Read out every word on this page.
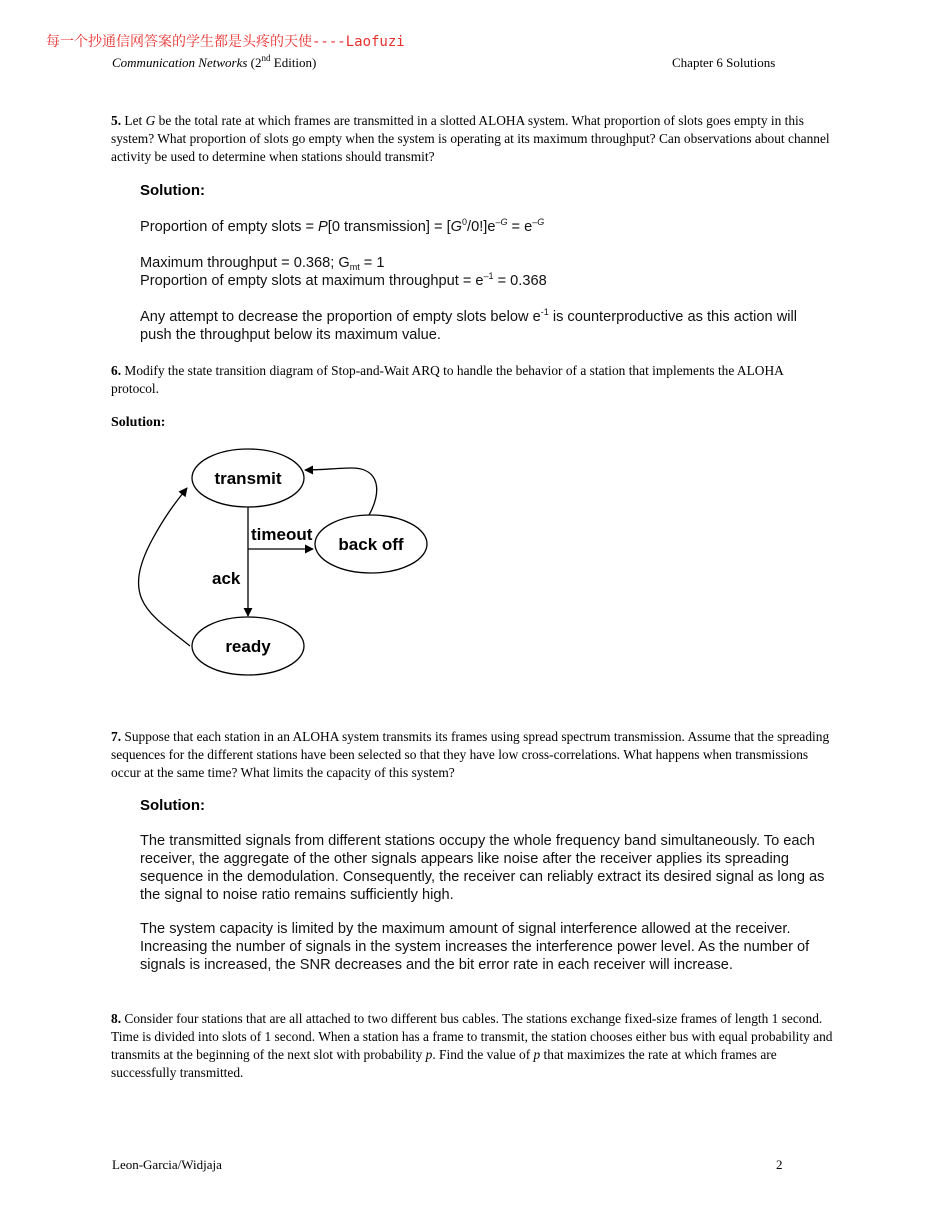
每一个抄通信网答案的学生都是头疼的天使----Laofuzi
Communication Networks (2nd Edition)	Chapter 6 Solutions
5. Let G be the total rate at which frames are transmitted in a slotted ALOHA system. What proportion of slots goes empty in this system? What proportion of slots go empty when the system is operating at its maximum throughput? Can observations about channel activity be used to determine when stations should transmit?
Solution:
Proportion of empty slots = P[0 transmission] = $[G^0/0!]e^{-G} = e^{-G}$
Maximum throughput = 0.368; $G_{mt} = 1$
Proportion of empty slots at maximum throughput = $e^{-1} = 0.368$
Any attempt to decrease the proportion of empty slots below $e^{-1}$ is counterproductive as this action will push the throughput below its maximum value.
6. Modify the state transition diagram of Stop-and-Wait ARQ to handle the behavior of a station that implements the ALOHA protocol.
Solution:
transmit
back off
ready
ack
timeout
7. Suppose that each station in an ALOHA system transmits its frames using spread spectrum transmission. Assume that the spreading sequences for the different stations have been selected so that they have low cross-correlations. What happens when transmissions occur at the same time? What limits the capacity of this system?
Solution:
The transmitted signals from different stations occupy the whole frequency band simultaneously. To each receiver, the aggregate of the other signals appears like noise after the receiver applies its spreading sequence in the demodulation. Consequently, the receiver can reliably extract its desired signal as long as the signal to noise ratio remains sufficiently high.
The system capacity is limited by the maximum amount of signal interference allowed at the receiver. Increasing the number of signals in the system increases the interference power level. As the number of signals is increased, the SNR decreases and the bit error rate in each receiver will increase.
8. Consider four stations that are all attached to two different bus cables. The stations exchange fixed-size frames of length 1 second. Time is divided into slots of 1 second. When a station has a frame to transmit, the station chooses either bus with equal probability and transmits at the beginning of the next slot with probability p. Find the value of p that maximizes the rate at which frames are successfully transmitted.
Leon-Garcia/Widjaja	2
